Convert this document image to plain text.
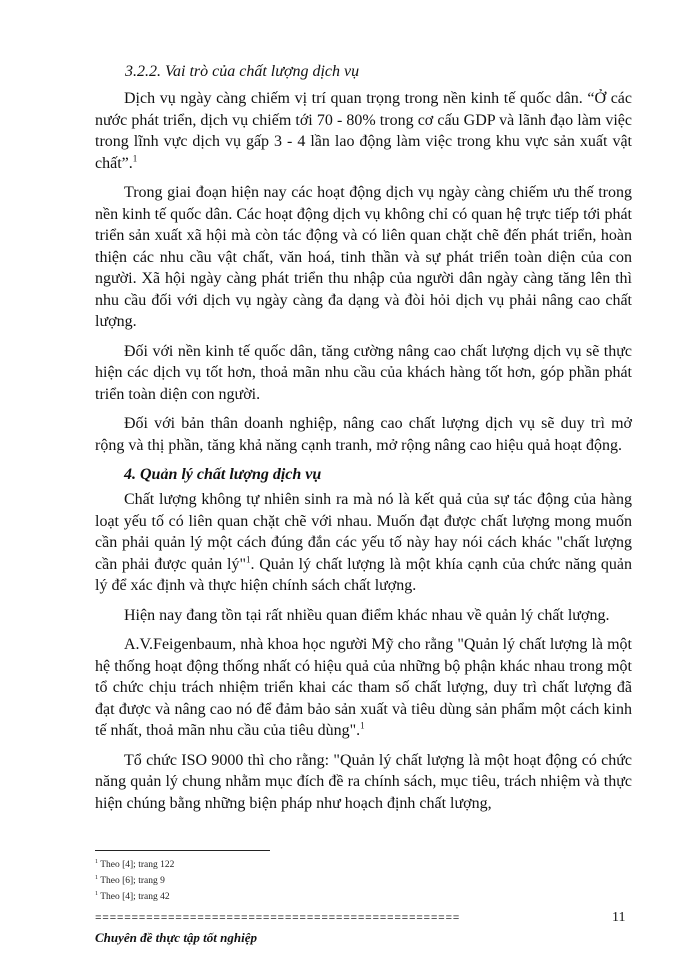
3.2.2. Vai trò của chất lượng dịch vụ

Dịch vụ ngày càng chiếm vị trí quan trọng trong nền kinh tế quốc dân. “Ở các nước phát triển, dịch vụ chiếm tới 70 - 80% trong cơ cấu GDP và lãnh đạo làm việc trong lĩnh vực dịch vụ gấp 3 - 4 lần lao động làm việc trong khu vực sản xuất vật chất”.$^1$

Trong giai đoạn hiện nay các hoạt động dịch vụ ngày càng chiếm ưu thế trong nền kinh tế quốc dân. Các hoạt động dịch vụ không chỉ có quan hệ trực tiếp tới phát triển sản xuất xã hội mà còn tác động và có liên quan chặt chẽ đến phát triển, hoàn thiện các nhu cầu vật chất, văn hoá, tinh thần và sự phát triển toàn diện của con người. Xã hội ngày càng phát triển thu nhập của người dân ngày càng tăng lên thì nhu cầu đối với dịch vụ ngày càng đa dạng và đòi hỏi dịch vụ phải nâng cao chất lượng.

Đối với nền kinh tế quốc dân, tăng cường nâng cao chất lượng dịch vụ sẽ thực hiện các dịch vụ tốt hơn, thoả mãn nhu cầu của khách hàng tốt hơn, góp phần phát triển toàn diện con người.

Đối với bản thân doanh nghiệp, nâng cao chất lượng dịch vụ sẽ duy trì mở rộng và thị phần, tăng khả năng cạnh tranh, mở rộng nâng cao hiệu quả hoạt động.

4. Quản lý chất lượng dịch vụ

Chất lượng không tự nhiên sinh ra mà nó là kết quả của sự tác động của hàng loạt yếu tố có liên quan chặt chẽ với nhau. Muốn đạt được chất lượng mong muốn cần phải quản lý một cách đúng đắn các yếu tố này hay nói cách khác "chất lượng cần phải được quản lý"$^1$. Quản lý chất lượng là một khía cạnh của chức năng quản lý để xác định và thực hiện chính sách chất lượng.

Hiện nay đang tồn tại rất nhiều quan điểm khác nhau về quản lý chất lượng.

A.V.Feigenbaum, nhà khoa học người Mỹ cho rằng "Quản lý chất lượng là một hệ thống hoạt động thống nhất có hiệu quả của những bộ phận khác nhau trong một tổ chức chịu trách nhiệm triển khai các tham số chất lượng, duy trì chất lượng đã đạt được và nâng cao nó để đảm bảo sản xuất và tiêu dùng sản phẩm một cách kinh tế nhất, thoả mãn nhu cầu của tiêu dùng".$^1$

Tổ chức ISO 9000 thì cho rằng: "Quản lý chất lượng là một hoạt động có chức năng quản lý chung nhằm mục đích đề ra chính sách, mục tiêu, trách nhiệm và thực hiện chúng bằng những biện pháp như hoạch định chất lượng,

$^1$ Theo [4]; trang 122
$^1$ Theo [6]; trang 9
$^1$ Theo [4]; trang 42
==================================================	11
Chuyên đề thực tập tốt nghiệp
